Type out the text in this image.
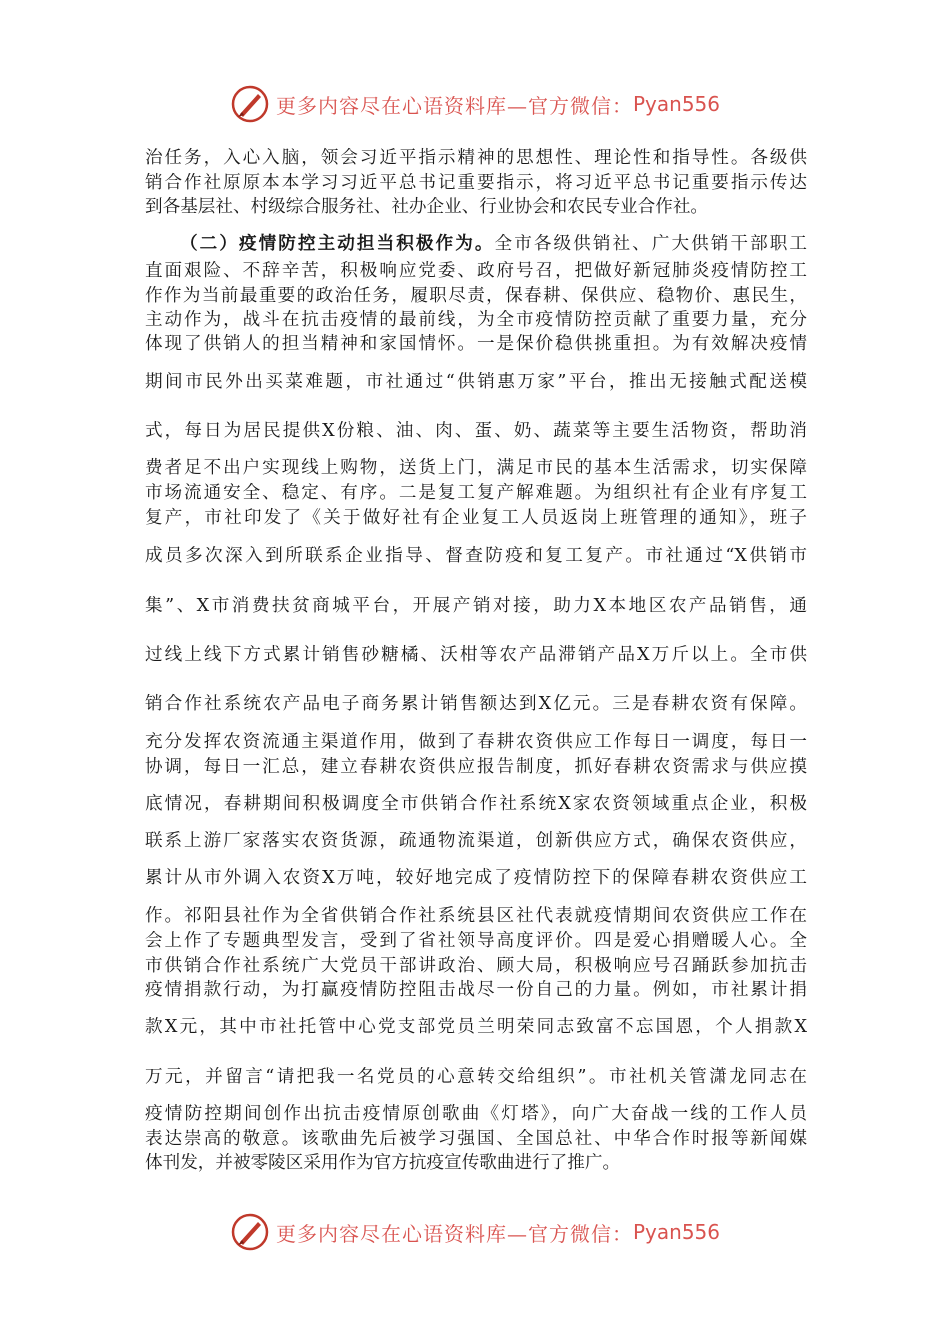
更多内容尽在心语资料库—官方微信： Pyan556
治任务，入心入脑，领会习近平指示精神的思想性、理论性和指导性。各级供
销合作社原原本本学习习近平总书记重要指示，将习近平总书记重要指示传达
到各基层社、村级综合服务社、社办企业、行业协会和农民专业合作社。
（二）疫情防控主动担当积极作为。全市各级供销社、广大供销干部职工
直面艰险、不辞辛苦，积极响应党委、政府号召，把做好新冠肺炎疫情防控工
作作为当前最重要的政治任务，履职尽责，保春耕、保供应、稳物价、惠民生，
主动作为，战斗在抗击疫情的最前线，为全市疫情防控贡献了重要力量，充分
体现了供销人的担当精神和家国情怀。一是保价稳供挑重担。为有效解决疫情
期间市民外出买菜难题，市社通过“供销惠万家”平台，推出无接触式配送模
式，每日为居民提供X份粮、油、肉、蛋、奶、蔬菜等主要生活物资，帮助消
费者足不出户实现线上购物，送货上门，满足市民的基本生活需求，切实保障
市场流通安全、稳定、有序。二是复工复产解难题。为组织社有企业有序复工
复产，市社印发了《关于做好社有企业复工人员返岗上班管理的通知》，班子
成员多次深入到所联系企业指导、督查防疫和复工复产。市社通过“X供销市
集”、X市消费扶贫商城平台，开展产销对接，助力X本地区农产品销售，通
过线上线下方式累计销售砂糖橘、沃柑等农产品滞销产品X万斤以上。全市供
销合作社系统农产品电子商务累计销售额达到X亿元。三是春耕农资有保障。
充分发挥农资流通主渠道作用，做到了春耕农资供应工作每日一调度，每日一
协调，每日一汇总，建立春耕农资供应报告制度，抓好春耕农资需求与供应摸
底情况，春耕期间积极调度全市供销合作社系统X家农资领域重点企业，积极
联系上游厂家落实农资货源，疏通物流渠道，创新供应方式，确保农资供应，
累计从市外调入农资X万吨，较好地完成了疫情防控下的保障春耕农资供应工
作。祁阳县社作为全省供销合作社系统县区社代表就疫情期间农资供应工作在
会上作了专题典型发言，受到了省社领导高度评价。四是爱心捐赠暖人心。全
市供销合作社系统广大党员干部讲政治、顾大局，积极响应号召踊跃参加抗击
疫情捐款行动，为打赢疫情防控阻击战尽一份自己的力量。例如，市社累计捐
款X元，其中市社托管中心党支部党员兰明荣同志致富不忘国恩，个人捐款X
万元，并留言“请把我一名党员的心意转交给组织”。市社机关管潇龙同志在
疫情防控期间创作出抗击疫情原创歌曲《灯塔》，向广大奋战一线的工作人员
表达崇高的敬意。该歌曲先后被学习强国、全国总社、中华合作时报等新闻媒
体刊发，并被零陵区采用作为官方抗疫宣传歌曲进行了推广。
更多内容尽在心语资料库—官方微信： Pyan556
